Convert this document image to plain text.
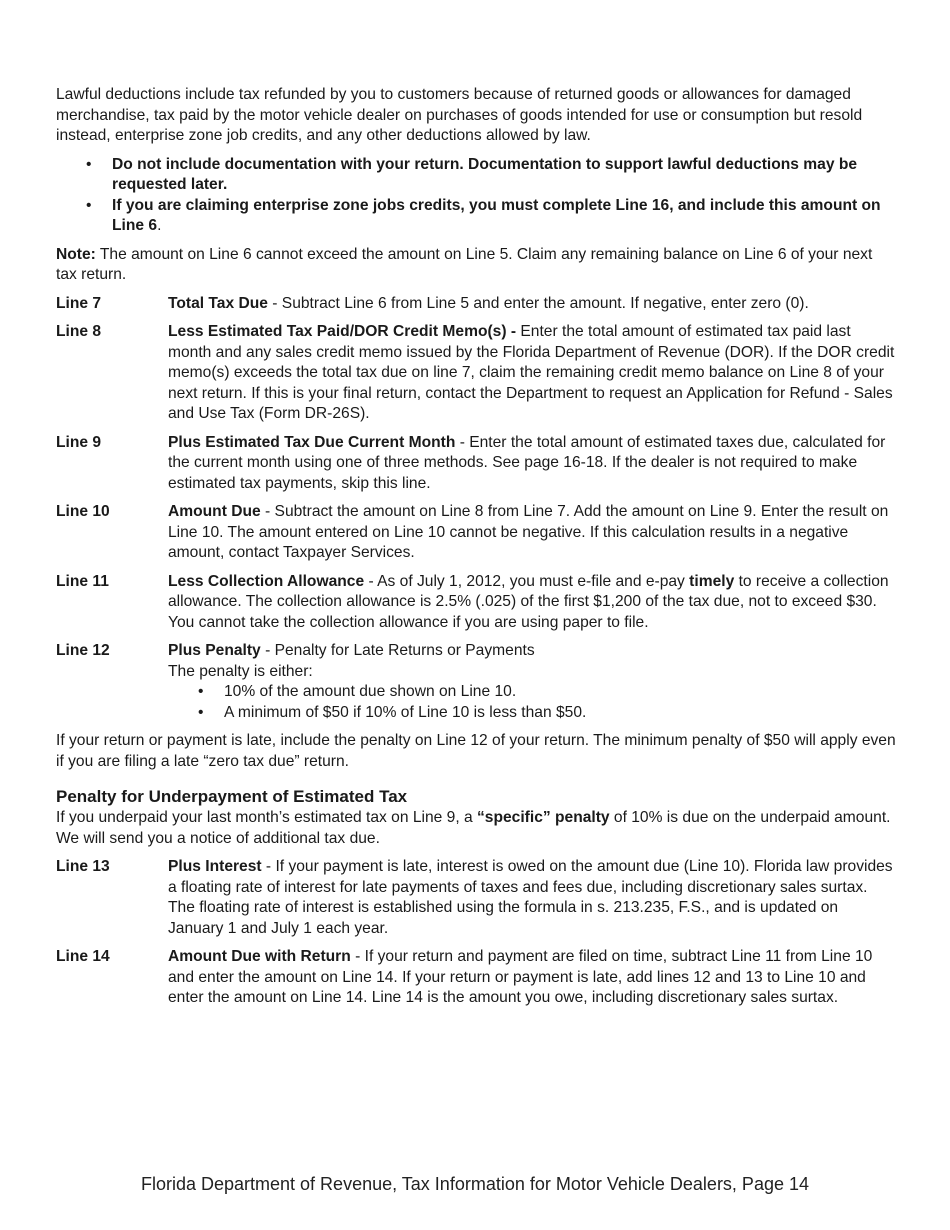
Lawful deductions include tax refunded by you to customers because of returned goods or allowances for damaged merchandise, tax paid by the motor vehicle dealer on purchases of goods intended for use or consumption but resold instead, enterprise zone job credits, and any other deductions allowed by law.

• Do not include documentation with your return. Documentation to support lawful deductions may be requested later.
• If you are claiming enterprise zone jobs credits, you must complete Line 16, and include this amount on Line 6.

Note: The amount on Line 6 cannot exceed the amount on Line 5. Claim any remaining balance on Line 6 of your next tax return.

Line 7	Total Tax Due - Subtract Line 6 from Line 5 and enter the amount. If negative, enter zero (0).
Line 8	Less Estimated Tax Paid/DOR Credit Memo(s) - Enter the total amount of estimated tax paid last month and any sales credit memo issued by the Florida Department of Revenue (DOR). If the DOR credit memo(s) exceeds the total tax due on line 7, claim the remaining credit memo balance on Line 8 of your next return. If this is your final return, contact the Department to request an Application for Refund - Sales and Use Tax (Form DR-26S).
Line 9	Plus Estimated Tax Due Current Month - Enter the total amount of estimated taxes due, calculated for the current month using one of three methods. See page 16-18. If the dealer is not required to make estimated tax payments, skip this line.
Line 10	Amount Due - Subtract the amount on Line 8 from Line 7. Add the amount on Line 9. Enter the result on Line 10. The amount entered on Line 10 cannot be negative. If this calculation results in a negative amount, contact Taxpayer Services.
Line 11	Less Collection Allowance - As of July 1, 2012, you must e-file and e-pay timely to receive a collection allowance. The collection allowance is 2.5% (.025) of the first $1,200 of the tax due, not to exceed $30. You cannot take the collection allowance if you are using paper to file.
Line 12	Plus Penalty - Penalty for Late Returns or Payments
The penalty is either:
• 10% of the amount due shown on Line 10.
• A minimum of $50 if 10% of Line 10 is less than $50.

If your return or payment is late, include the penalty on Line 12 of your return. The minimum penalty of $50 will apply even if you are filing a late “zero tax due” return.

Penalty for Underpayment of Estimated Tax

If you underpaid your last month’s estimated tax on Line 9, a “specific” penalty of 10% is due on the underpaid amount. We will send you a notice of additional tax due.

Line 13	Plus Interest - If your payment is late, interest is owed on the amount due (Line 10). Florida law provides a floating rate of interest for late payments of taxes and fees due, including discretionary sales surtax. The floating rate of interest is established using the formula in s. 213.235, F.S., and is updated on January 1 and July 1 each year.
Line 14	Amount Due with Return - If your return and payment are filed on time, subtract Line 11 from Line 10 and enter the amount on Line 14. If your return or payment is late, add lines 12 and 13 to Line 10 and enter the amount on Line 14. Line 14 is the amount you owe, including discretionary sales surtax.
Florida Department of Revenue, Tax Information for Motor Vehicle Dealers, Page 14
